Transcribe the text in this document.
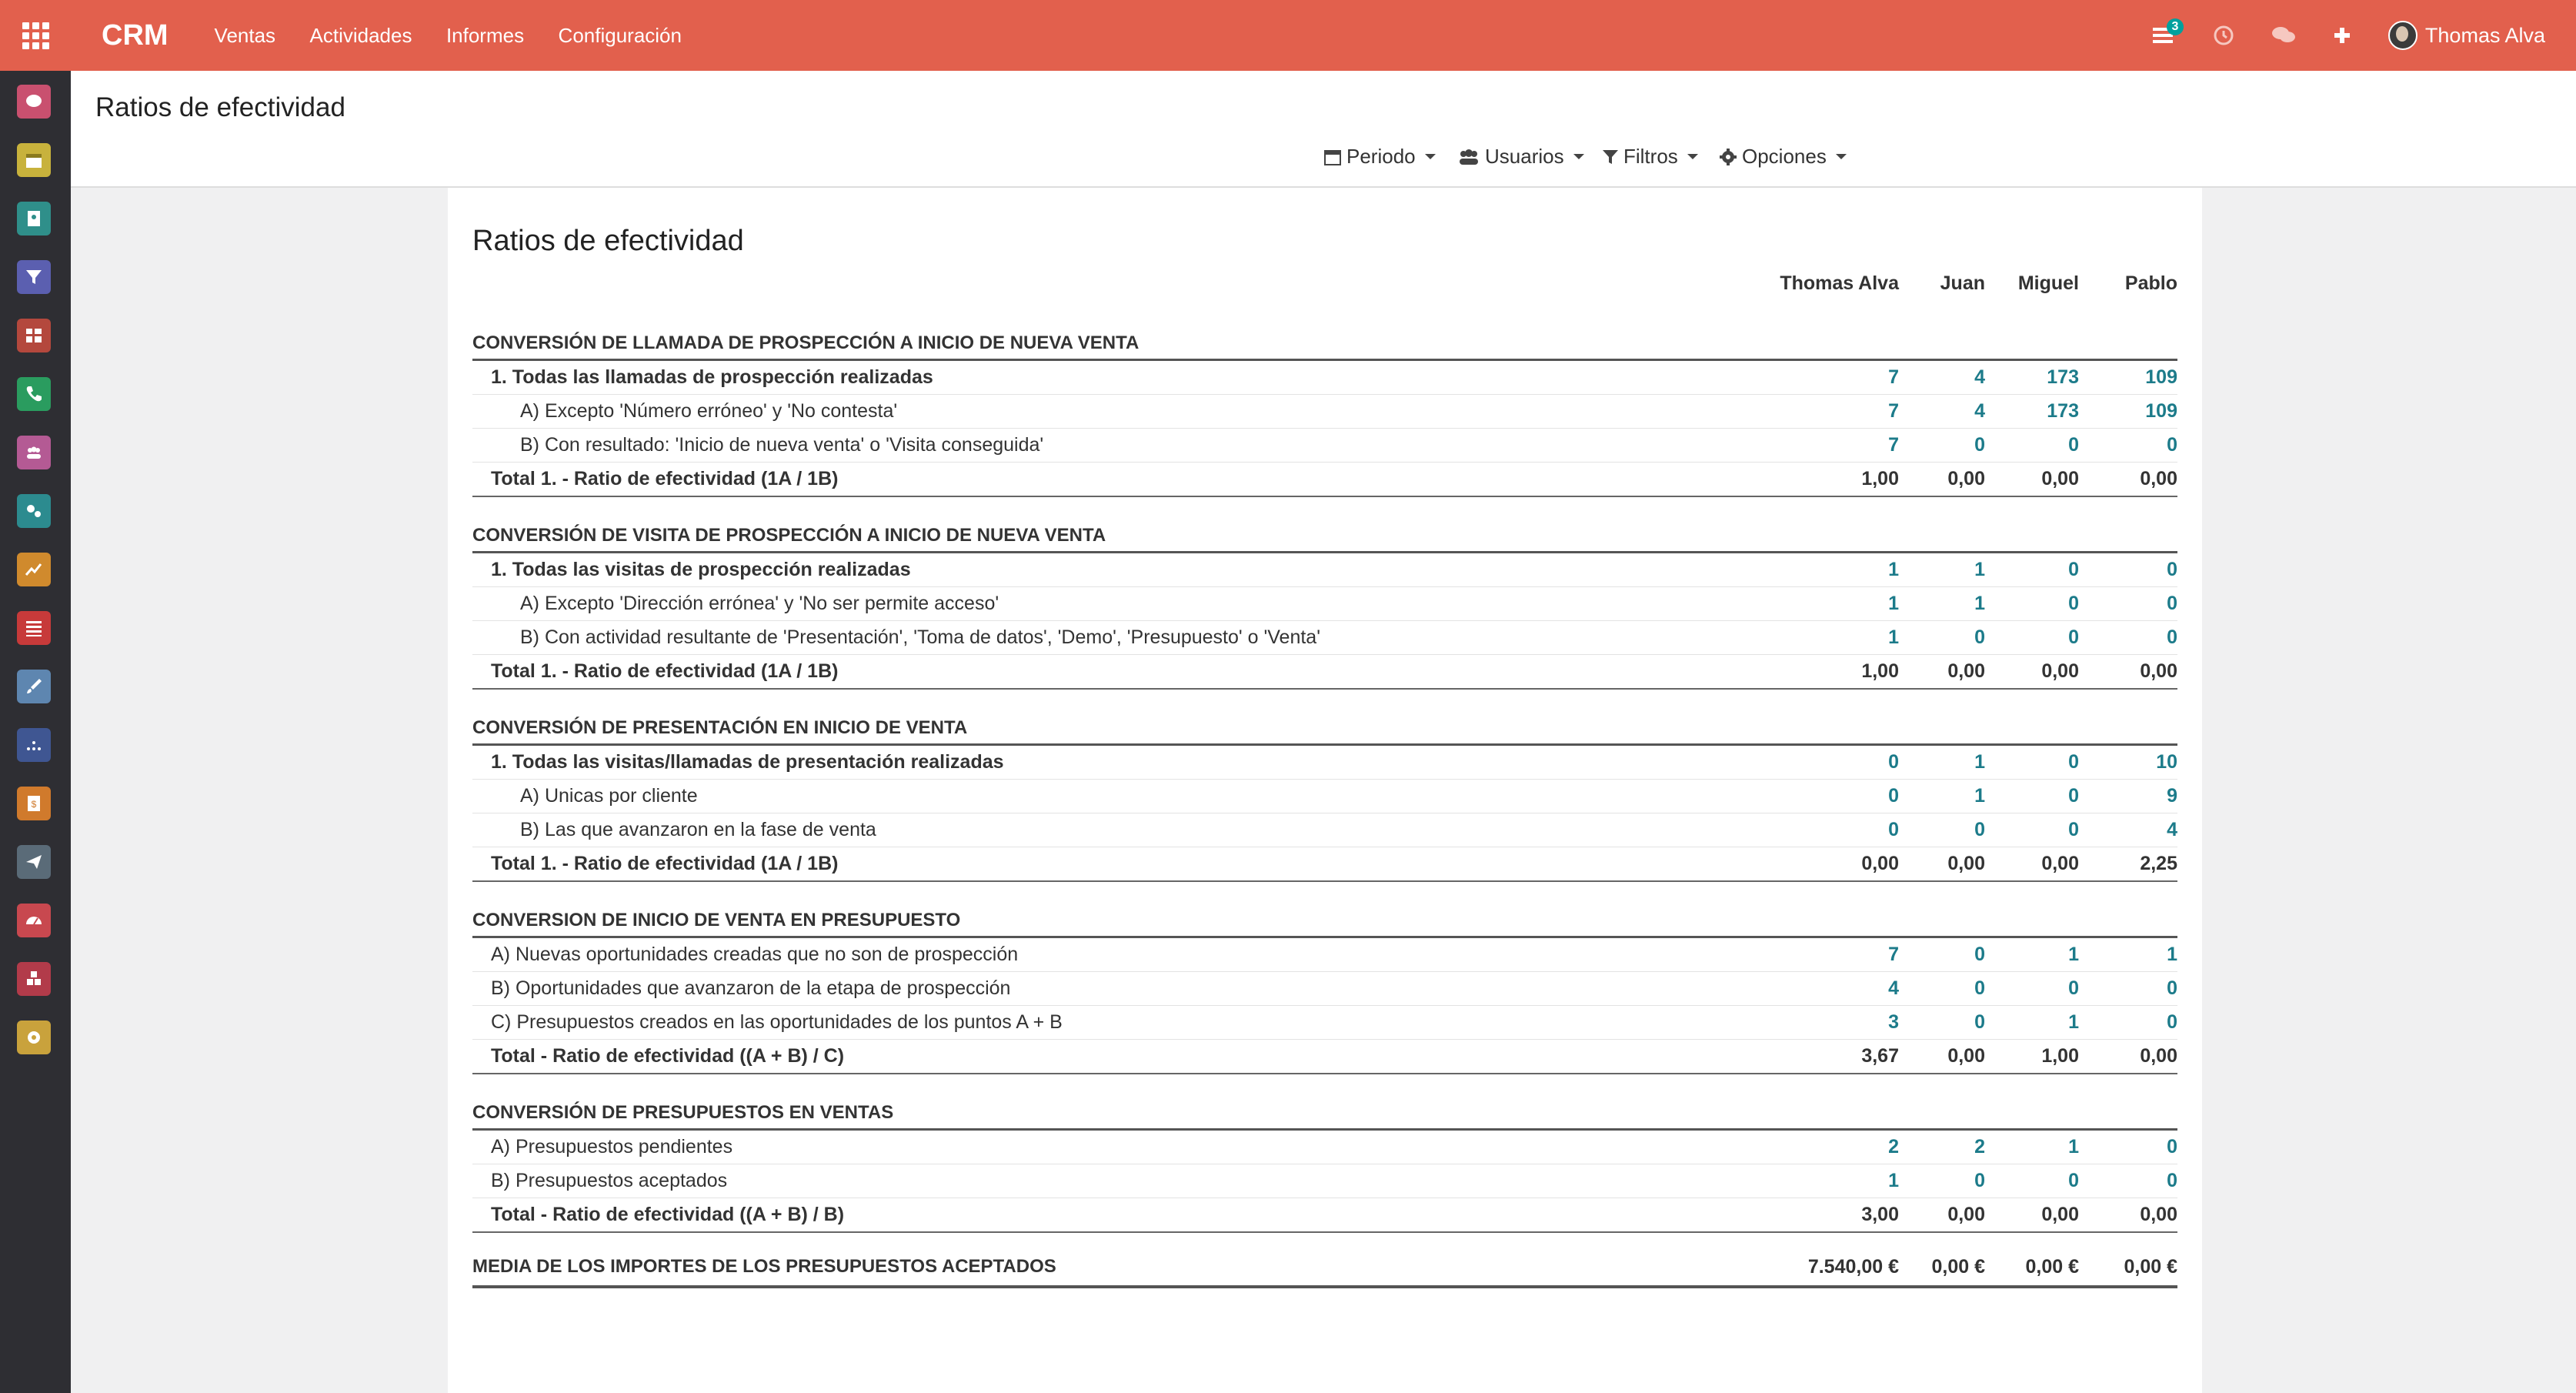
CRM Ventas Actividades Informes Configuración	3	Thomas Alva
$
Ratios de efectividad
Periodo	Usuarios	Filtros	Opciones
Ratios de efectividad
Thomas Alva	Juan	Miguel	Pablo
CONVERSIÓN DE LLAMADA DE PROSPECCIÓN A INICIO DE NUEVA VENTA
1. Todas las llamadas de prospección realizadas	7	4	173	109
A) Excepto 'Número erróneo' y 'No contesta'	7	4	173	109
B) Con resultado: 'Inicio de nueva venta' o 'Visita conseguida'	7	0	0	0
Total 1. - Ratio de efectividad (1A / 1B)	1,00	0,00	0,00	0,00
CONVERSIÓN DE VISITA DE PROSPECCIÓN A INICIO DE NUEVA VENTA
1. Todas las visitas de prospección realizadas	1	1	0	0
A) Excepto 'Dirección errónea' y 'No ser permite acceso'	1	1	0	0
B) Con actividad resultante de 'Presentación', 'Toma de datos', 'Demo', 'Presupuesto' o 'Venta'	1	0	0	0
Total 1. - Ratio de efectividad (1A / 1B)	1,00	0,00	0,00	0,00
CONVERSIÓN DE PRESENTACIÓN EN INICIO DE VENTA
1. Todas las visitas/llamadas de presentación realizadas	0	1	0	10
A) Unicas por cliente	0	1	0	9
B) Las que avanzaron en la fase de venta	0	0	0	4
Total 1. - Ratio de efectividad (1A / 1B)	0,00	0,00	0,00	2,25
CONVERSION DE INICIO DE VENTA EN PRESUPUESTO
A) Nuevas oportunidades creadas que no son de prospección	7	0	1	1
B) Oportunidades que avanzaron de la etapa de prospección	4	0	0	0
C) Presupuestos creados en las oportunidades de los puntos A + B	3	0	1	0
Total - Ratio de efectividad ((A + B) / C)	3,67	0,00	1,00	0,00
CONVERSIÓN DE PRESUPUESTOS EN VENTAS
A) Presupuestos pendientes	2	2	1	0
B) Presupuestos aceptados	1	0	0	0
Total - Ratio de efectividad ((A + B) / B)	3,00	0,00	0,00	0,00
MEDIA DE LOS IMPORTES DE LOS PRESUPUESTOS ACEPTADOS	7.540,00 €	0,00 €	0,00 €	0,00 €
